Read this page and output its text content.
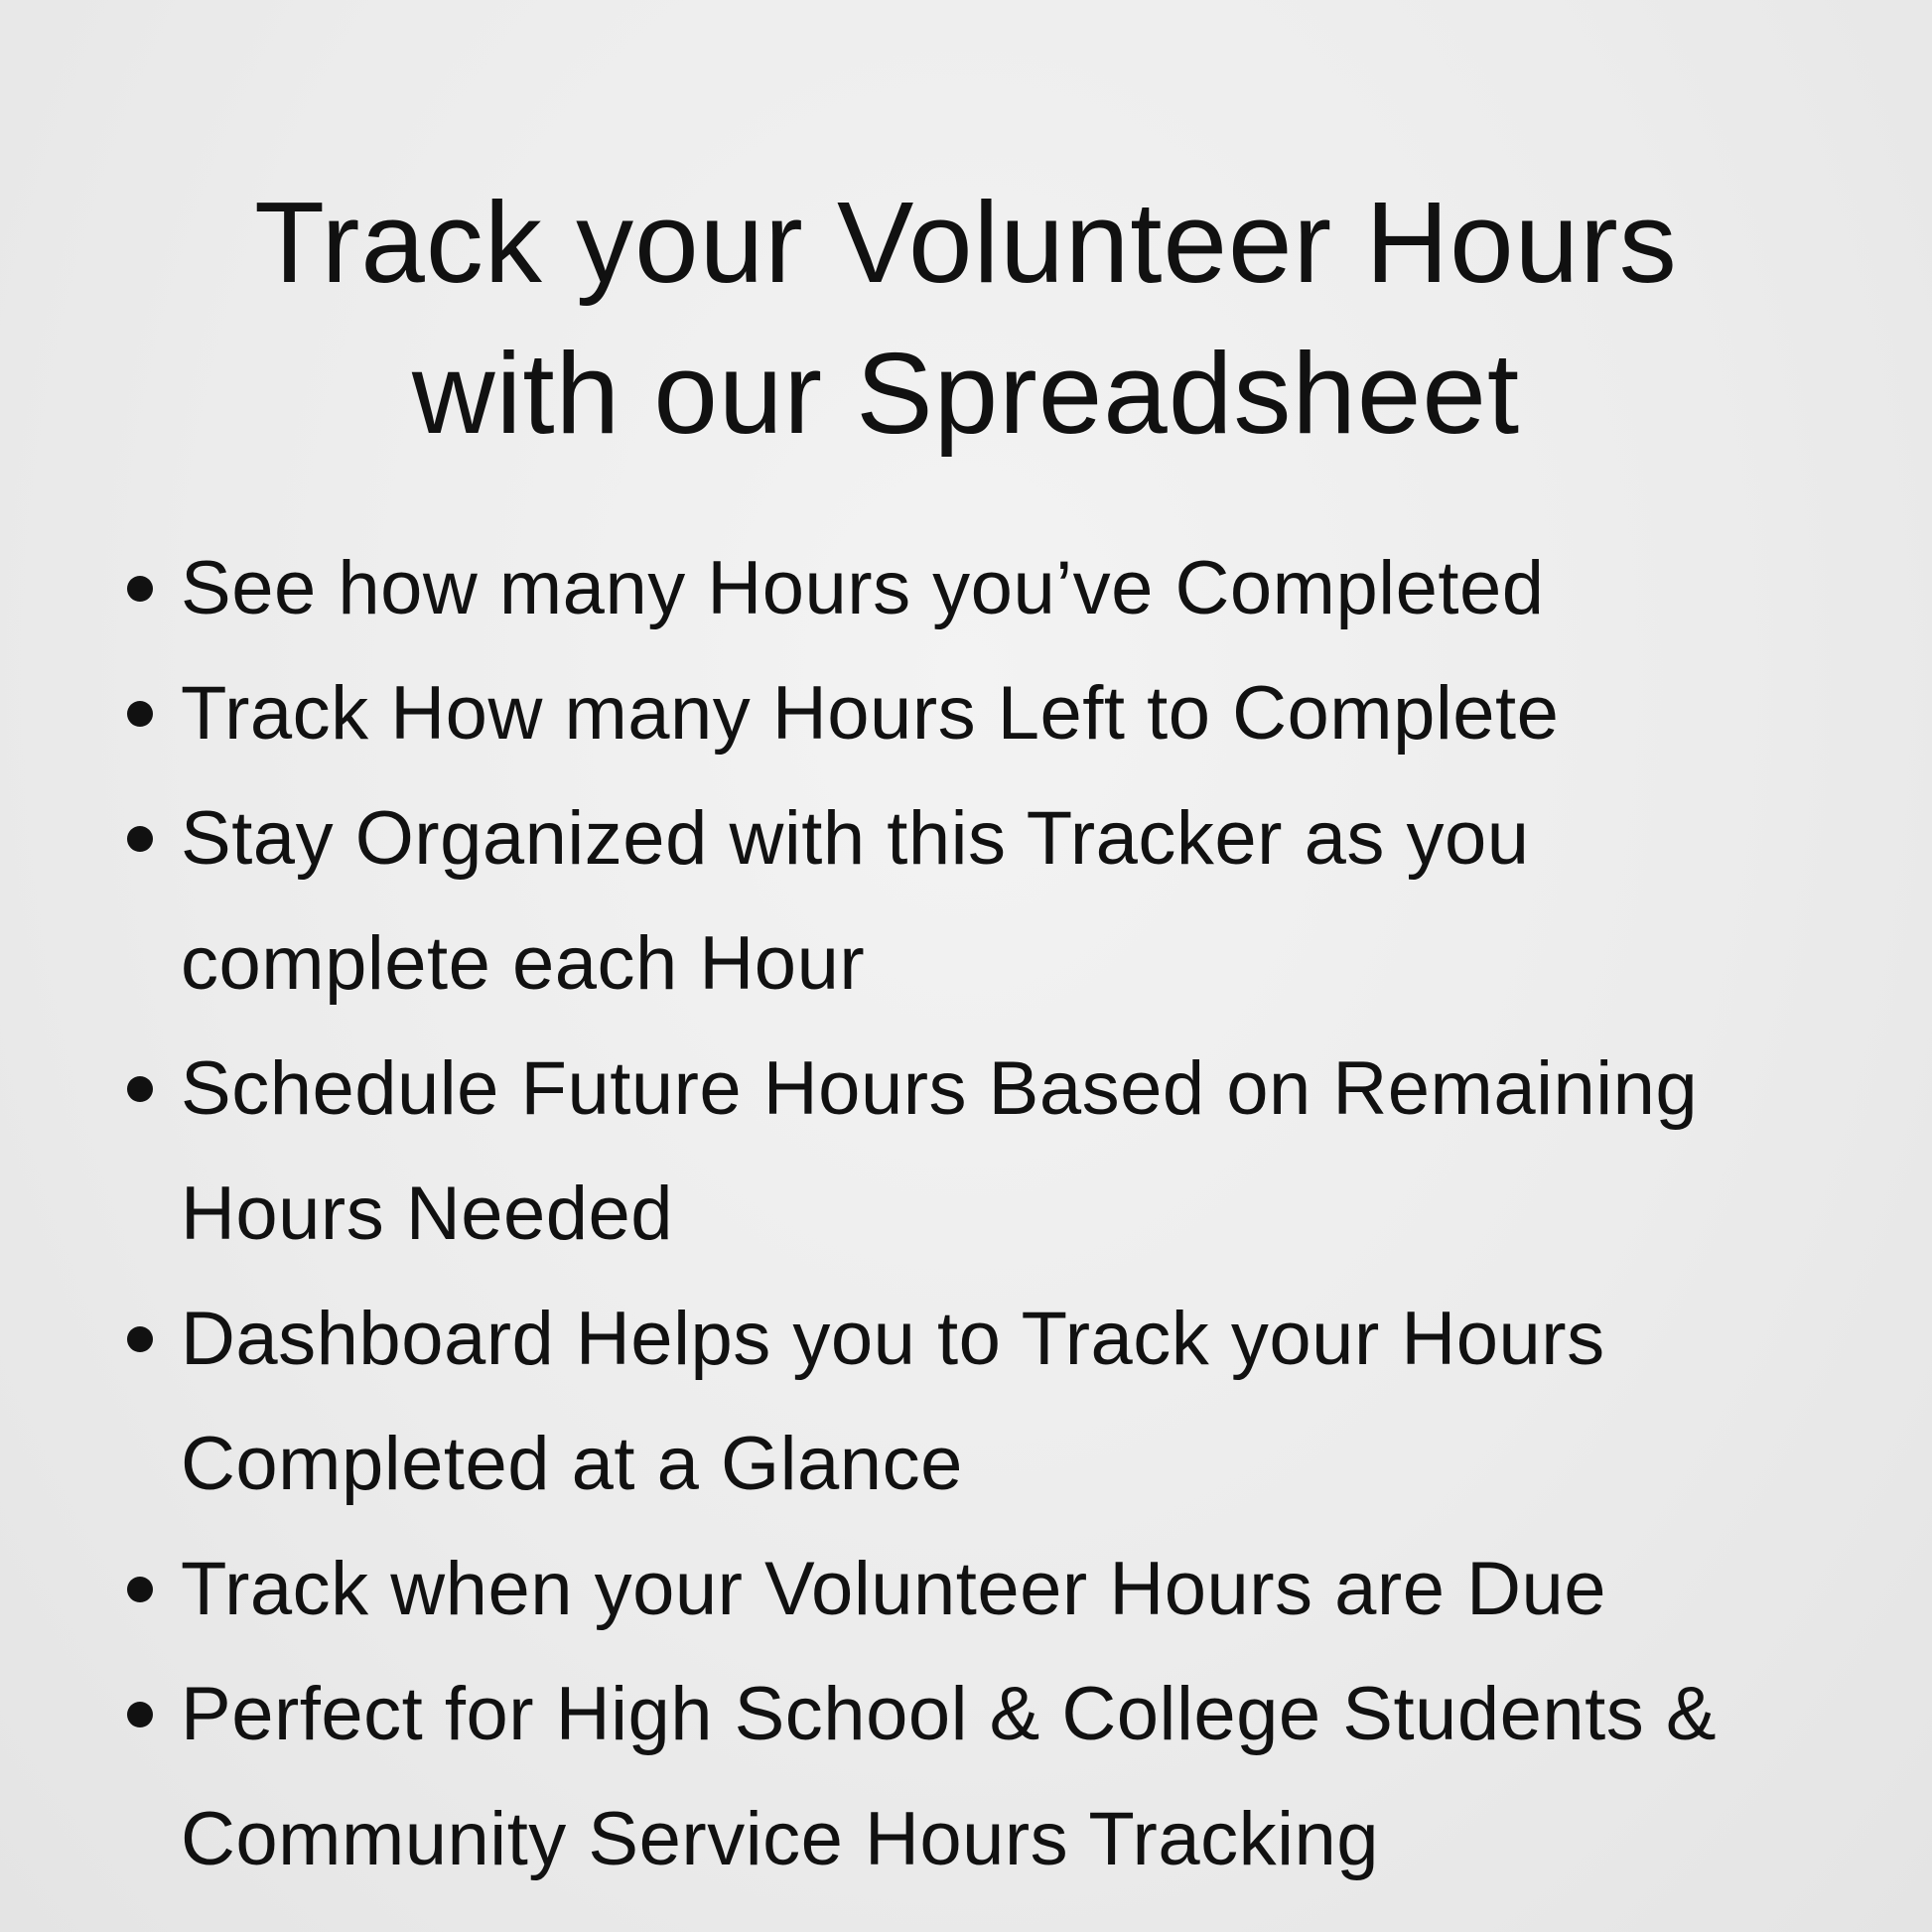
Track your Volunteer Hours
with our Spreadsheet
See how many Hours you’ve Completed
Track How many Hours Left to Complete
Stay Organized with this Tracker as you
complete each Hour
Schedule Future Hours Based on Remaining
Hours Needed
Dashboard Helps you to Track your Hours
Completed at a Glance
Track when your Volunteer Hours are Due
Perfect for High School & College Students &
Community Service Hours Tracking
